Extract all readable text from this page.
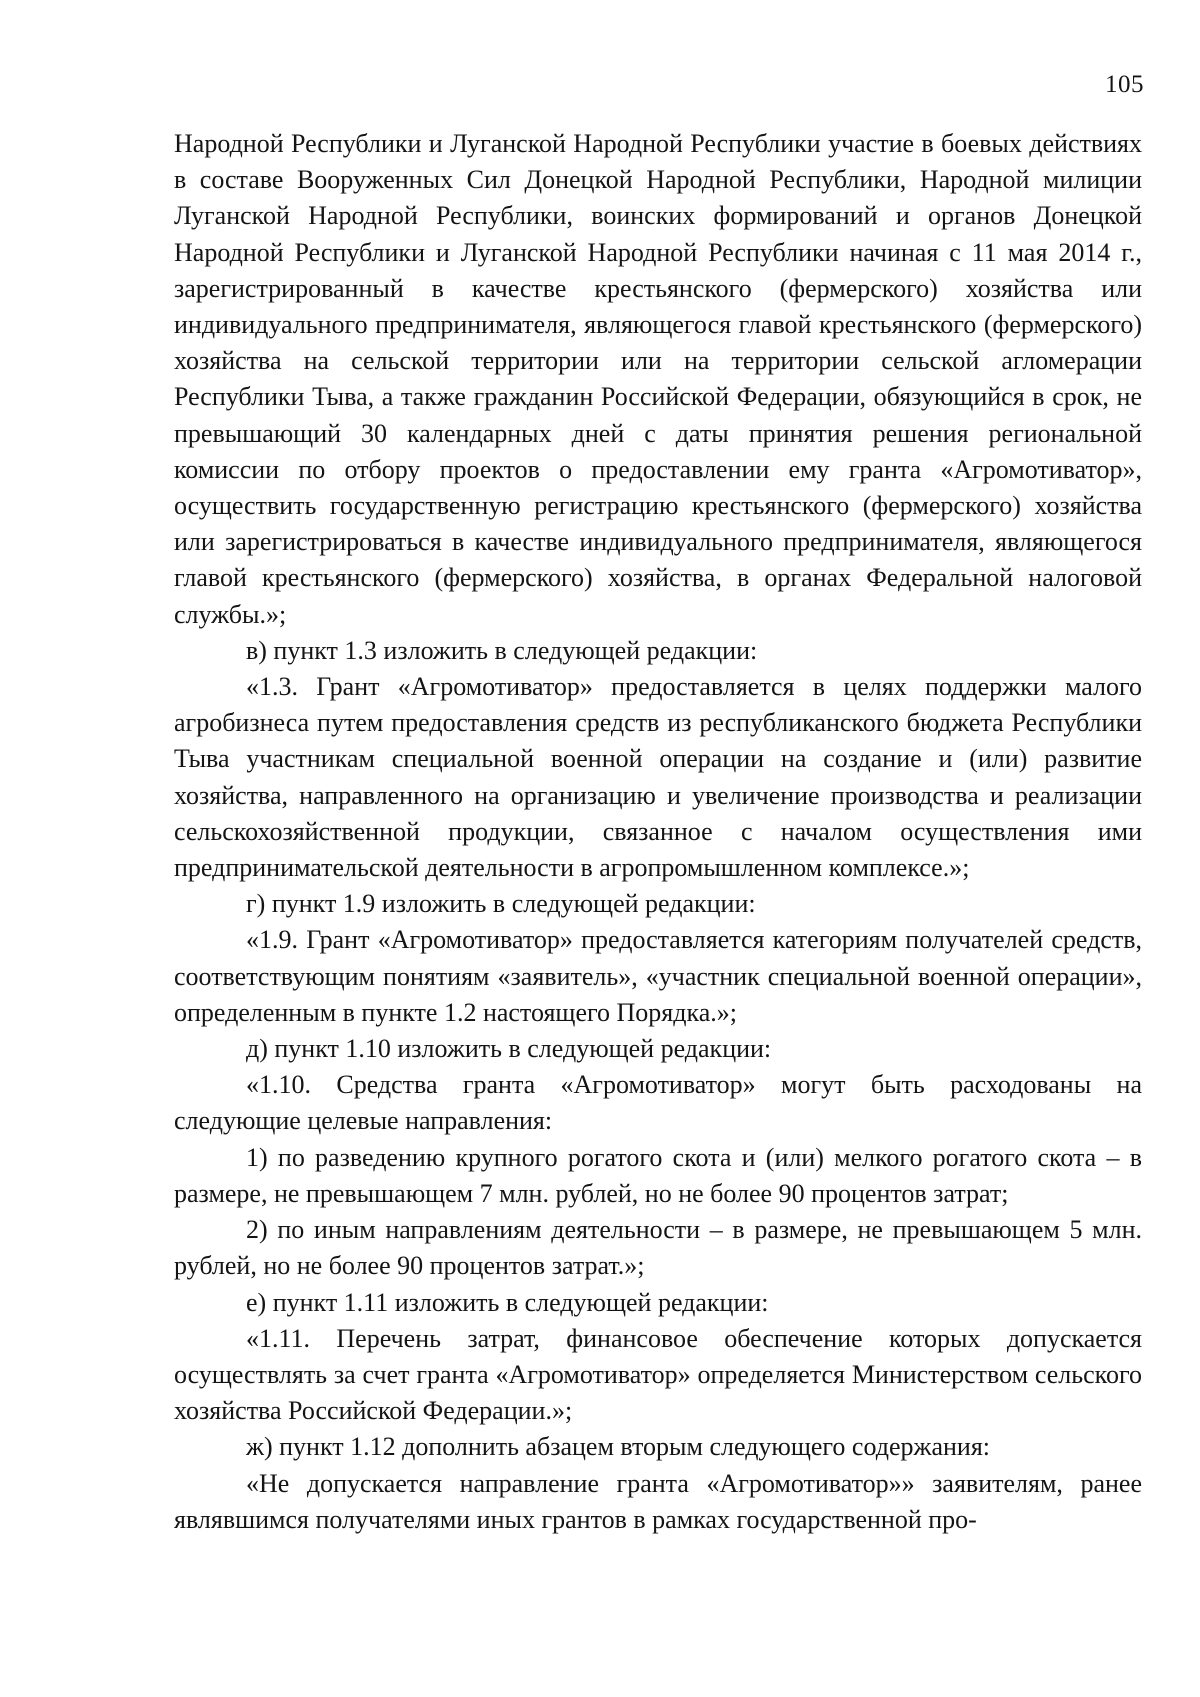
105

Народной Республики и Луганской Народной Республики участие в боевых действиях в составе Вооруженных Сил Донецкой Народной Республики, Народной милиции Луганской Народной Республики, воинских формирований и органов Донецкой Народной Республики и Луганской Народной Республики начиная с 11 мая 2014 г., зарегистрированный в качестве крестьянского (фермерского) хозяйства или индивидуального предпринимателя, являющегося главой крестьянского (фермерского) хозяйства на сельской территории или на территории сельской агломерации Республики Тыва, а также гражданин Российской Федерации, обязующийся в срок, не превышающий 30 календарных дней с даты принятия решения региональной комиссии по отбору проектов о предоставлении ему гранта «Агромотиватор», осуществить государственную регистрацию крестьянского (фермерского) хозяйства или зарегистрироваться в качестве индивидуального предпринимателя, являющегося главой крестьянского (фермерского) хозяйства, в органах Федеральной налоговой службы.»;

в) пункт 1.3 изложить в следующей редакции:

«1.3. Грант «Агромотиватор» предоставляется в целях поддержки малого агробизнеса путем предоставления средств из республиканского бюджета Республики Тыва участникам специальной военной операции на создание и (или) развитие хозяйства, направленного на организацию и увеличение производства и реализации сельскохозяйственной продукции, связанное с началом осуществления ими предпринимательской деятельности в агропромышленном комплексе.»;

г) пункт 1.9 изложить в следующей редакции:

«1.9. Грант «Агромотиватор» предоставляется категориям получателей средств, соответствующим понятиям «заявитель», «участник специальной военной операции», определенным в пункте 1.2 настоящего Порядка.»;

д) пункт 1.10 изложить в следующей редакции:

«1.10. Средства гранта «Агромотиватор» могут быть расходованы на следующие целевые направления:

1) по разведению крупного рогатого скота и (или) мелкого рогатого скота – в размере, не превышающем 7 млн. рублей, но не более 90 процентов затрат;

2) по иным направлениям деятельности – в размере, не превышающем 5 млн. рублей, но не более 90 процентов затрат.»;

е) пункт 1.11 изложить в следующей редакции:

«1.11. Перечень затрат, финансовое обеспечение которых допускается осуществлять за счет гранта «Агромотиватор» определяется Министерством сельского хозяйства Российской Федерации.»;

ж) пункт 1.12 дополнить абзацем вторым следующего содержания:

«Не допускается направление гранта «Агромотиватор»» заявителям, ранее являвшимся получателями иных грантов в рамках государственной про-
